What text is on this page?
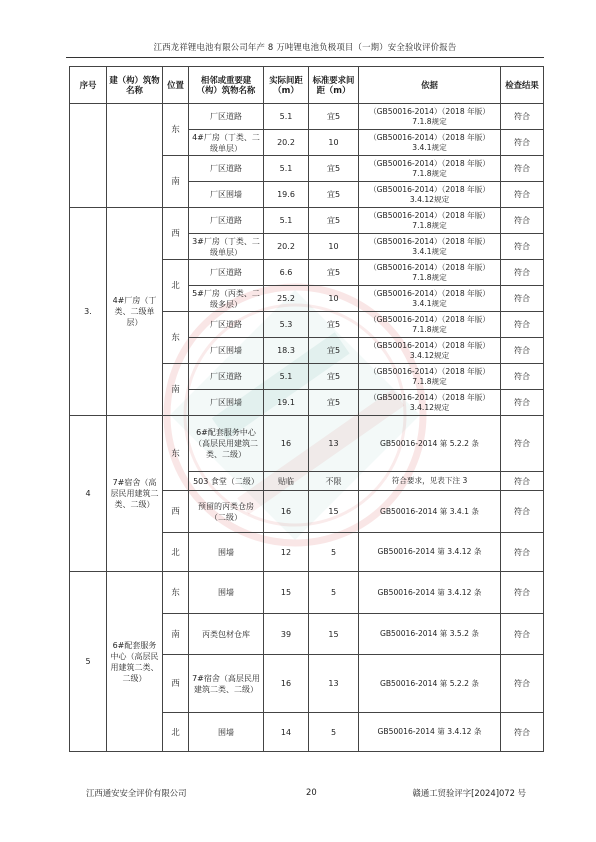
江西龙祥锂电池有限公司年产 8 万吨锂电池负极项目（一期）安全验收评价报告
序号	建（构）筑物名称	位置	相邻或重要建（构）筑物名称	实际间距（m）	标准要求间距（m）	依据	检查结果
		东	厂区道路	5.1	宜5	（GB50016-2014）（2018 年版）7.1.8规定	符合
			4#厂房（丁类、二级单层）	20.2	10	（GB50016-2014）（2018 年版）3.4.1规定	符合
		南	厂区道路	5.1	宜5	（GB50016-2014）（2018 年版）7.1.8规定	符合
			厂区围墙	19.6	宜5	（GB50016-2014）（2018 年版）3.4.12规定	符合
3.	4#厂房（丁类、二级单层）	西	厂区道路	5.1	宜5	（GB50016-2014）（2018 年版）7.1.8规定	符合
			3#厂房（丁类、二级单层）	20.2	10	（GB50016-2014）（2018 年版）3.4.1规定	符合
		北	厂区道路	6.6	宜5	（GB50016-2014）（2018 年版）7.1.8规定	符合
			5#厂房（丙类、二级多层）	25.2	10	（GB50016-2014）（2018 年版）3.4.1规定	符合
		东	厂区道路	5.3	宜5	（GB50016-2014）（2018 年版）7.1.8规定	符合
			厂区围墙	18.3	宜5	（GB50016-2014）（2018 年版）3.4.12规定	符合
		南	厂区道路	5.1	宜5	（GB50016-2014）（2018 年版）7.1.8规定	符合
			厂区围墙	19.1	宜5	（GB50016-2014）（2018 年版）3.4.12规定	符合
4	7#宿舍（高层民用建筑二类、二级）	东	6#配套服务中心（高层民用建筑二类、二级）	16	13	GB50016-2014 第 5.2.2 条	符合
			503 食堂（二级）	贴临	不限	符合要求，见表下注 3	符合
		西	预留的丙类仓房（二级）	16	15	GB50016-2014 第 3.4.1 条	符合
		北	围墙	12	5	GB50016-2014 第 3.4.12 条	符合
5	6#配套服务中心（高层民用建筑二类、二级）	东	围墙	15	5	GB50016-2014 第 3.4.12 条	符合
		南	丙类包材仓库	39	15	GB50016-2014 第 3.5.2 条	符合
		西	7#宿舍（高层民用建筑二类、二级）	16	13	GB50016-2014 第 5.2.2 条	符合
		北	围墙	14	5	GB50016-2014 第 3.4.12 条	符合
江西通安安全评价有限公司	20	赣通工贸验评字[2024]072 号
